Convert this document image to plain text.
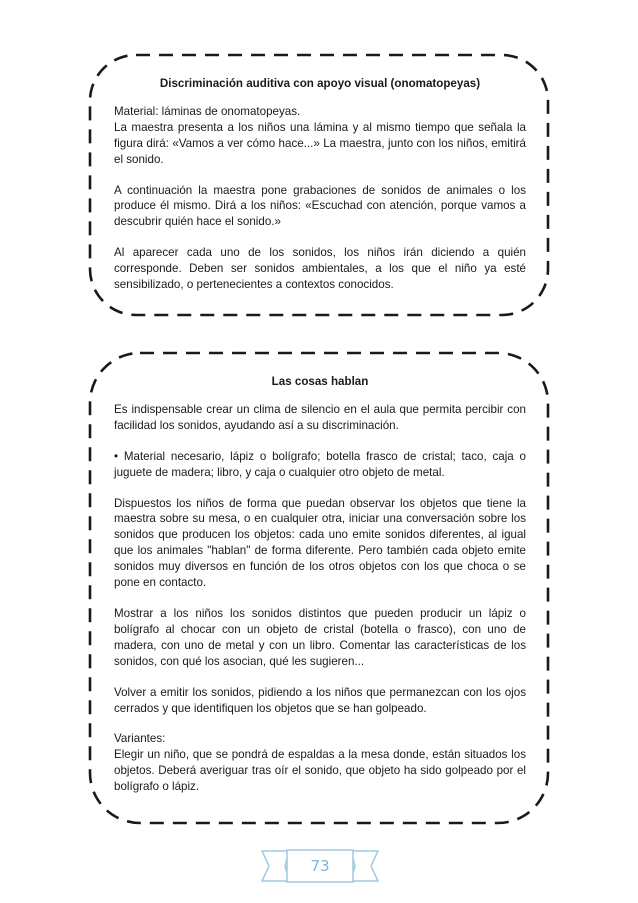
Discriminación auditiva con apoyo visual (onomatopeyas)
Material: láminas de onomatopeyas.
La maestra presenta a los niños una lámina y al mismo tiempo que señala la figura dirá: «Vamos a ver cómo hace...» La maestra, junto con los niños, emitirá el sonido.
A continuación la maestra pone grabaciones de sonidos de animales o los produce él mismo. Dirá a los niños: «Escuchad con atención, porque vamos a descubrir quién hace el sonido.»
Al aparecer cada uno de los sonidos, los niños irán diciendo a quién corresponde. Deben ser sonidos ambientales, a los que el niño ya esté sensibilizado, o pertenecientes a contextos conocidos.
Las cosas hablan
Es indispensable crear un clima de silencio en el aula que permita percibir con facilidad los sonidos, ayudando así a su discriminación.
• Material necesario, lápiz o bolígrafo; botella frasco de cristal; taco, caja o juguete de madera; libro, y caja o cualquier otro objeto de metal.
Dispuestos los niños de forma que puedan observar los objetos que tiene la maestra sobre su mesa, o en cualquier otra, iniciar una conversación sobre los sonidos que producen los objetos: cada uno emite sonidos diferentes, al igual que los animales "hablan" de forma diferente. Pero también cada objeto emite sonidos muy diversos en función de los otros objetos con los que choca o se pone en contacto.
Mostrar a los niños los sonidos distintos que pueden producir un lápiz o bolígrafo al chocar con un objeto de cristal (botella o frasco), con uno de madera, con uno de metal y con un libro. Comentar las características de los sonidos, con qué los asocian, qué les sugieren...
Volver a emitir los sonidos, pidiendo a los niños que permanezcan con los ojos cerrados y que identifiquen los objetos que se han golpeado.
Variantes:
Elegir un niño, que se pondrá de espaldas a la mesa donde, están situados los objetos. Deberá averiguar tras oír el sonido, que objeto ha sido golpeado por el bolígrafo o lápiz.
73
